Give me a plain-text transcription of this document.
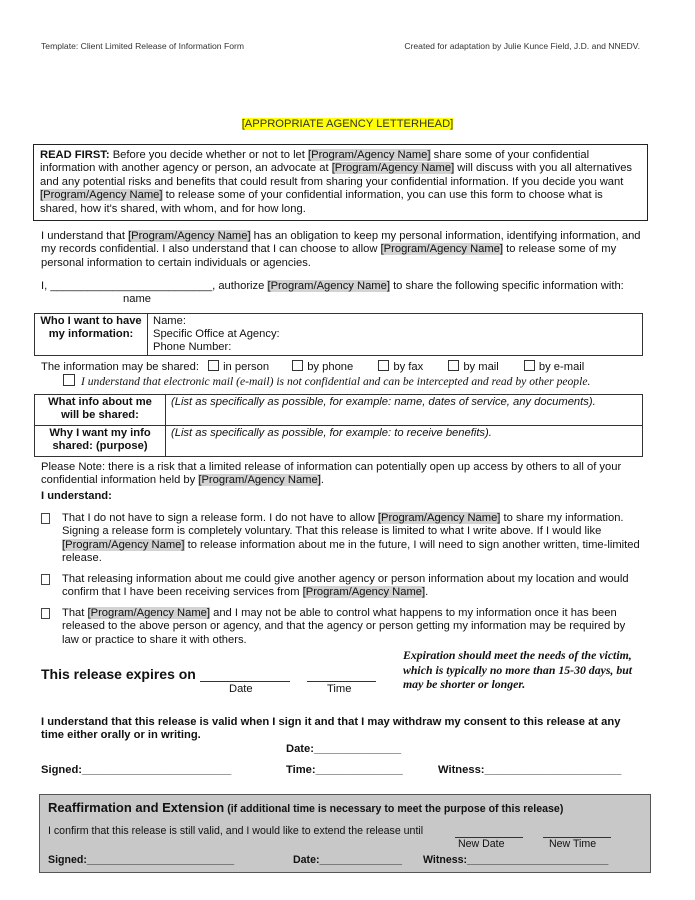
Template: Client Limited Release of Information Form	Created for adaptation by Julie Kunce Field, J.D. and NNEDV.
[APPROPRIATE AGENCY LETTERHEAD]
READ FIRST: Before you decide whether or not to let [Program/Agency Name] share some of your confidential information with another agency or person, an advocate at [Program/Agency Name] will discuss with you all alternatives and any potential risks and benefits that could result from sharing your confidential information. If you decide you want [Program/Agency Name] to release some of your confidential information, you can use this form to choose what is shared, how it's shared, with whom, and for how long.
I understand that [Program/Agency Name] has an obligation to keep my personal information, identifying information, and my records confidential. I also understand that I can choose to allow [Program/Agency Name] to release some of my personal information to certain individuals or agencies.
I, __________________________, authorize [Program/Agency Name] to share the following specific information with:
name
Who I want to have my information:	
Name:
Specific Office at Agency:
Phone Number:
The information may be shared: in person	by phone	by fax	by mail	by e-mail
I understand that electronic mail (e-mail) is not confidential and can be intercepted and read by other people.
What info about me will be shared:	(List as specifically as possible, for example: name, dates of service, any documents).
Why I want my info shared: (purpose)	(List as specifically as possible, for example: to receive benefits).
Please Note: there is a risk that a limited release of information can potentially open up access by others to all of your confidential information held by [Program/Agency Name].
I understand:
That I do not have to sign a release form. I do not have to allow [Program/Agency Name] to share my information. Signing a release form is completely voluntary. That this release is limited to what I write above. If I would like [Program/Agency Name] to release information about me in the future, I will need to sign another written, time-limited release.
That releasing information about me could give another agency or person information about my location and would confirm that I have been receiving services from [Program/Agency Name].
That [Program/Agency Name] and I may not be able to control what happens to my information once it has been released to the above person or agency, and that the agency or person getting my information may be required by law or practice to share it with others.
This release expires on
Date	Time
Expiration should meet the needs of the victim, which is typically no more than 15-30 days, but may be shorter or longer.
I understand that this release is valid when I sign it and that I may withdraw my consent to this release at any time either orally or in writing.
Date:______________
Signed:________________________	Time:______________	Witness:______________________
Reaffirmation and Extension (if additional time is necessary to meet the purpose of this release)
I confirm that this release is still valid, and I would like to extend the release until
New Date	New Time
Signed:_________________________	Date:______________ Witness:________________________
